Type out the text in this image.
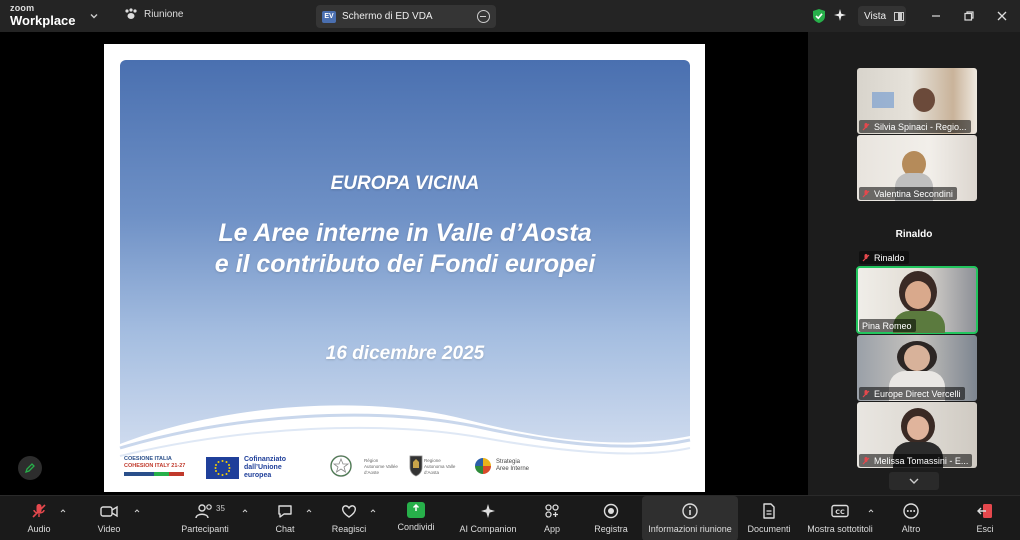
zoom
Workplace	Riunione	EV Schermo di ED VDA	Vista
EUROPA VICINA
Le Aree interne in Valle d’Aosta
e il contributo dei Fondi europei
16 dicembre 2025
COESIONE ITALIA
COHESION ITALY 21-27
Cofinanziato
dall’Unione europea
Région Autonome Vallée d’Aoste
Regione Autonoma Valle d’Aosta
Strategia
Aree Interne
Silvia Spinaci - Regio...
Valentina Secondini
Rinaldo
Rinaldo
Pina Romeo
Europe Direct Vercelli
Melissa Tomassini - E...
Audio	Video	Partecipanti
35
Chat	Reagisci	Condividi	AI Companion	App	Registra Informazioni riunione Documenti
CC
Mostra sottotitoli	Altro	Esci
